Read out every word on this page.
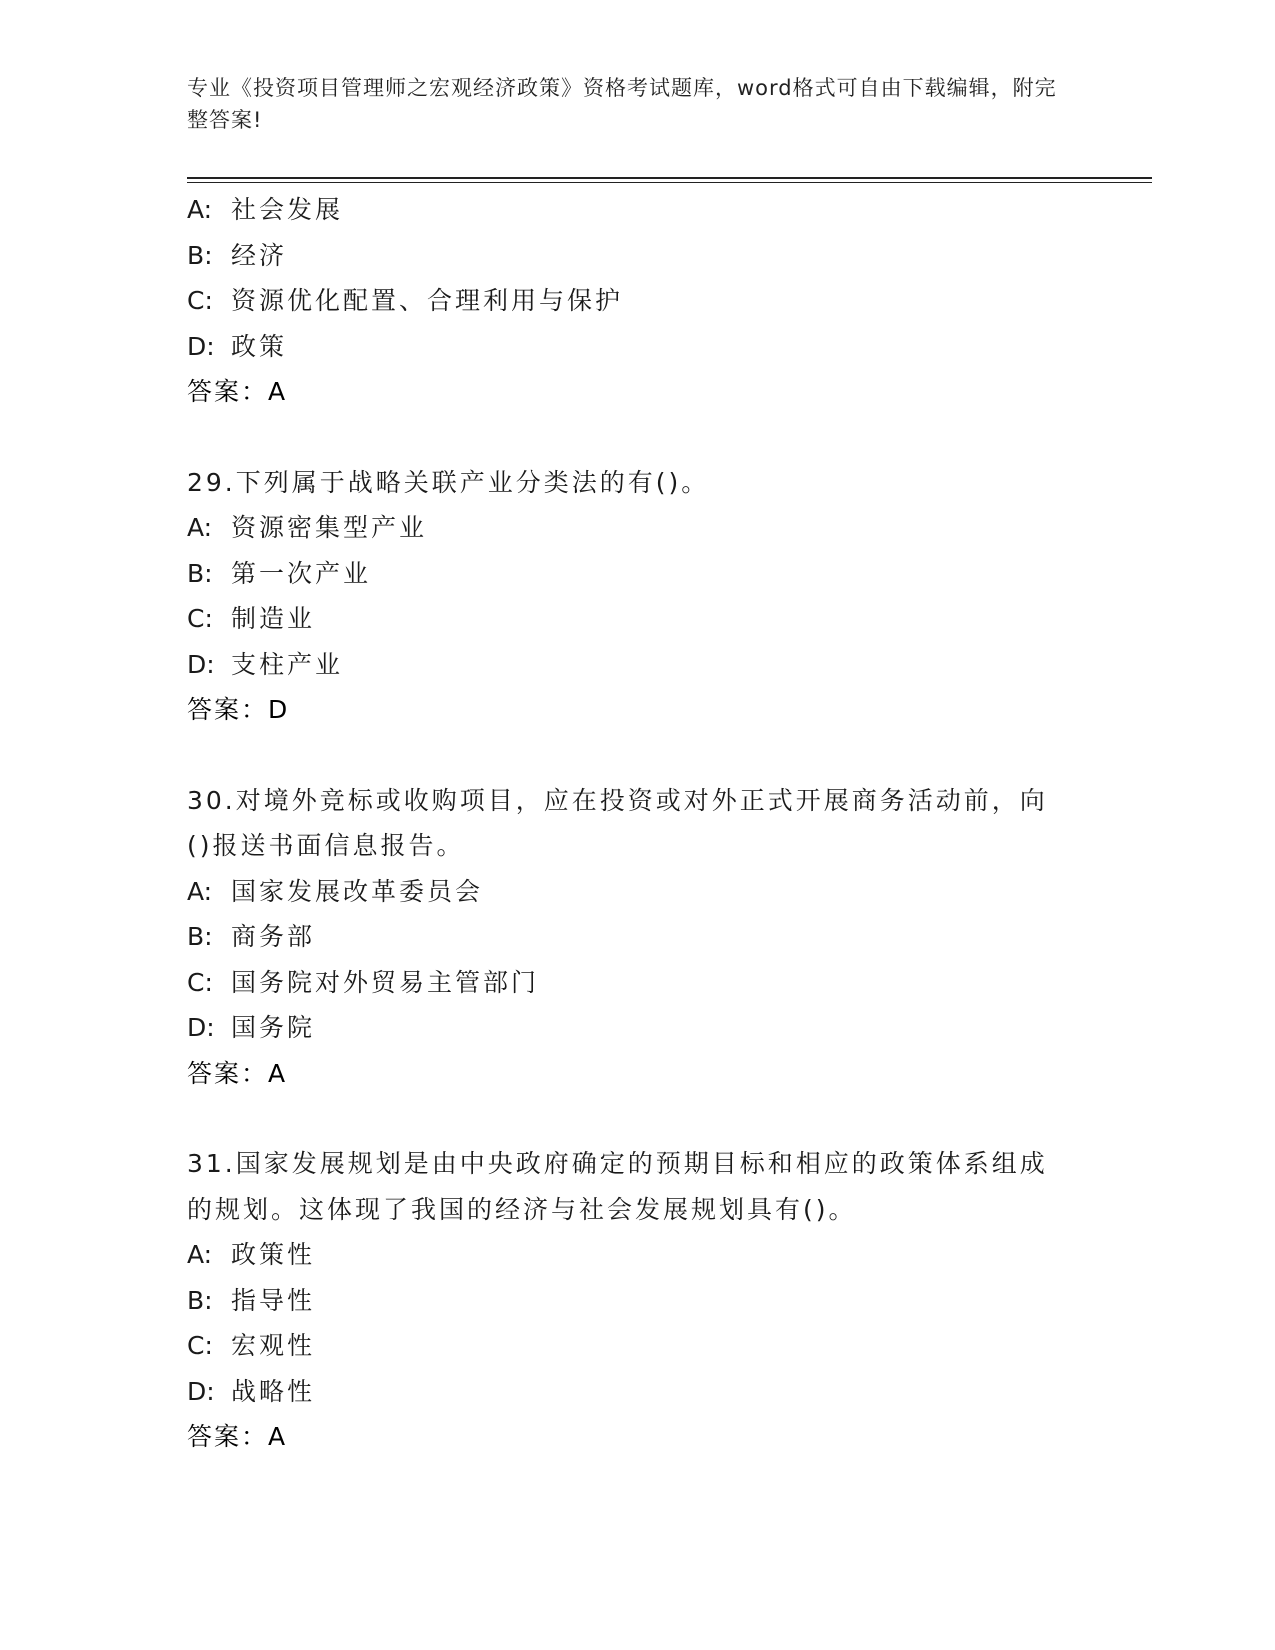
专业《投资项目管理师之宏观经济政策》资格考试题库，word格式可自由下载编辑，附完整答案!
A: 社会发展
B: 经济
C: 资源优化配置、合理利用与保护
D: 政策
答案：A
29.下列属于战略关联产业分类法的有()。
A: 资源密集型产业
B: 第一次产业
C: 制造业
D: 支柱产业
答案：D
30.对境外竞标或收购项目，应在投资或对外正式开展商务活动前，向
()报送书面信息报告。
A: 国家发展改革委员会
B: 商务部
C: 国务院对外贸易主管部门
D: 国务院
答案：A
31.国家发展规划是由中央政府确定的预期目标和相应的政策体系组成
的规划。这体现了我国的经济与社会发展规划具有()。
A: 政策性
B: 指导性
C: 宏观性
D: 战略性
答案：A
